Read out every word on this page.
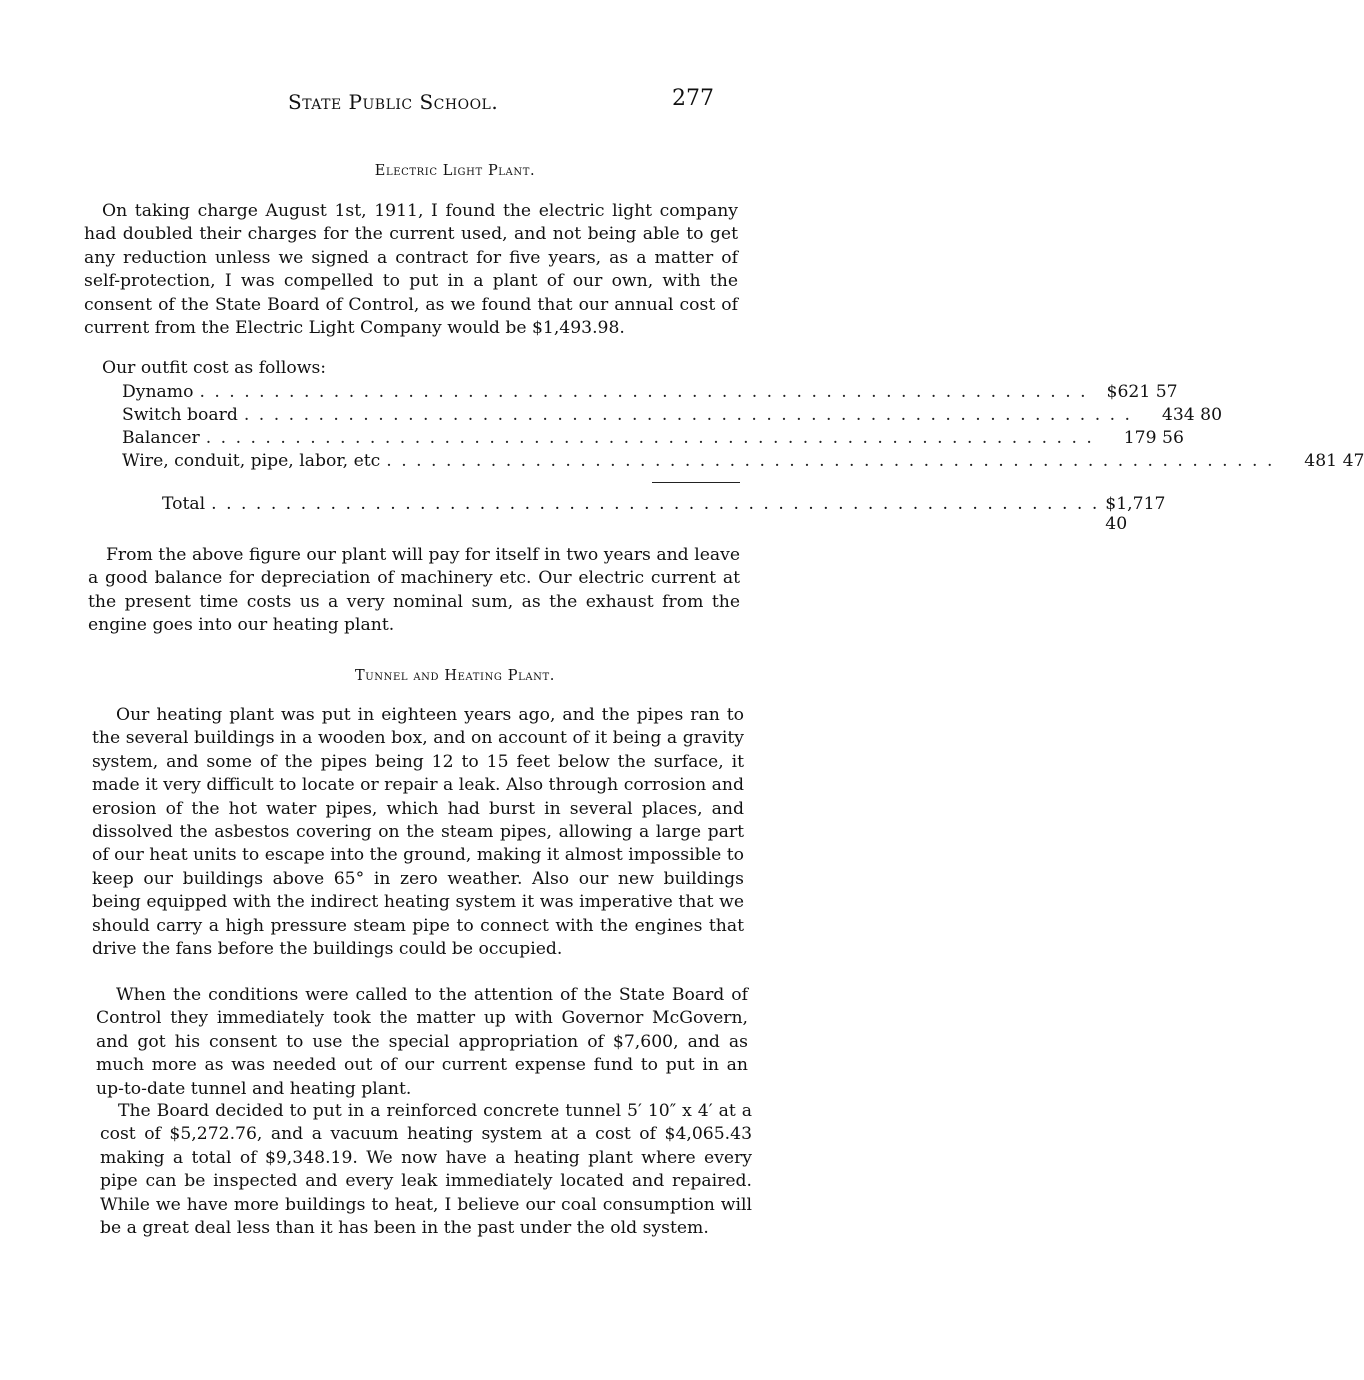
State Public School.	277
Electric Light Plant.

On taking charge August 1st, 1911, I found the electric light company had doubled their charges for the current used, and not being able to get any reduction unless we signed a contract for five years, as a matter of self-protection, I was compelled to put in a plant of our own, with the consent of the State Board of Control, as we found that our annual cost of current from the Electric Light Company would be $1,493.98.

Our outfit cost as follows:
Dynamo . . . . . . . . . . . . . . . . . . . . . . . . . . . . . . . . . . . . . . . . . . . . . . . . . . . . . . . . . . . .	$621 57
Switch board . . . . . . . . . . . . . . . . . . . . . . . . . . . . . . . . . . . . . . . . . . . . . . . . . . . . . . . . . . . .	434 80
Balancer . . . . . . . . . . . . . . . . . . . . . . . . . . . . . . . . . . . . . . . . . . . . . . . . . . . . . . . . . . . .	179 56
Wire, conduit, pipe, labor, etc . . . . . . . . . . . . . . . . . . . . . . . . . . . . . . . . . . . . . . . . . . . . . . . . . . . . . . . . . . . .	481 47
Total . . . . . . . . . . . . . . . . . . . . . . . . . . . . . . . . . . . . . . . . . . . . . . . . . . . . . . . . . . . . $1,717 40

From the above figure our plant will pay for itself in two years and leave a good balance for depreciation of machinery etc. Our electric current at the present time costs us a very nominal sum, as the exhaust from the engine goes into our heating plant.

Tunnel and Heating Plant.

Our heating plant was put in eighteen years ago, and the pipes ran to the several buildings in a wooden box, and on account of it being a gravity system, and some of the pipes being 12 to 15 feet below the surface, it made it very difficult to locate or repair a leak. Also through corrosion and erosion of the hot water pipes, which had burst in several places, and dissolved the asbestos covering on the steam pipes, allowing a large part of our heat units to escape into the ground, making it almost impossible to keep our buildings above 65° in zero weather. Also our new buildings being equipped with the indirect heating system it was imperative that we should carry a high pressure steam pipe to connect with the engines that drive the fans before the buildings could be occupied.

When the conditions were called to the attention of the State Board of Control they immediately took the matter up with Governor McGovern, and got his consent to use the special appropriation of $7,600, and as much more as was needed out of our current expense fund to put in an up-to-date tunnel and heating plant.

The Board decided to put in a reinforced concrete tunnel 5′ 10″ x 4′ at a cost of $5,272.76, and a vacuum heating system at a cost of $4,065.43 making a total of $9,348.19. We now have a heating plant where every pipe can be inspected and every leak immediately located and repaired. While we have more buildings to heat, I believe our coal consumption will be a great deal less than it has been in the past under the old system.
